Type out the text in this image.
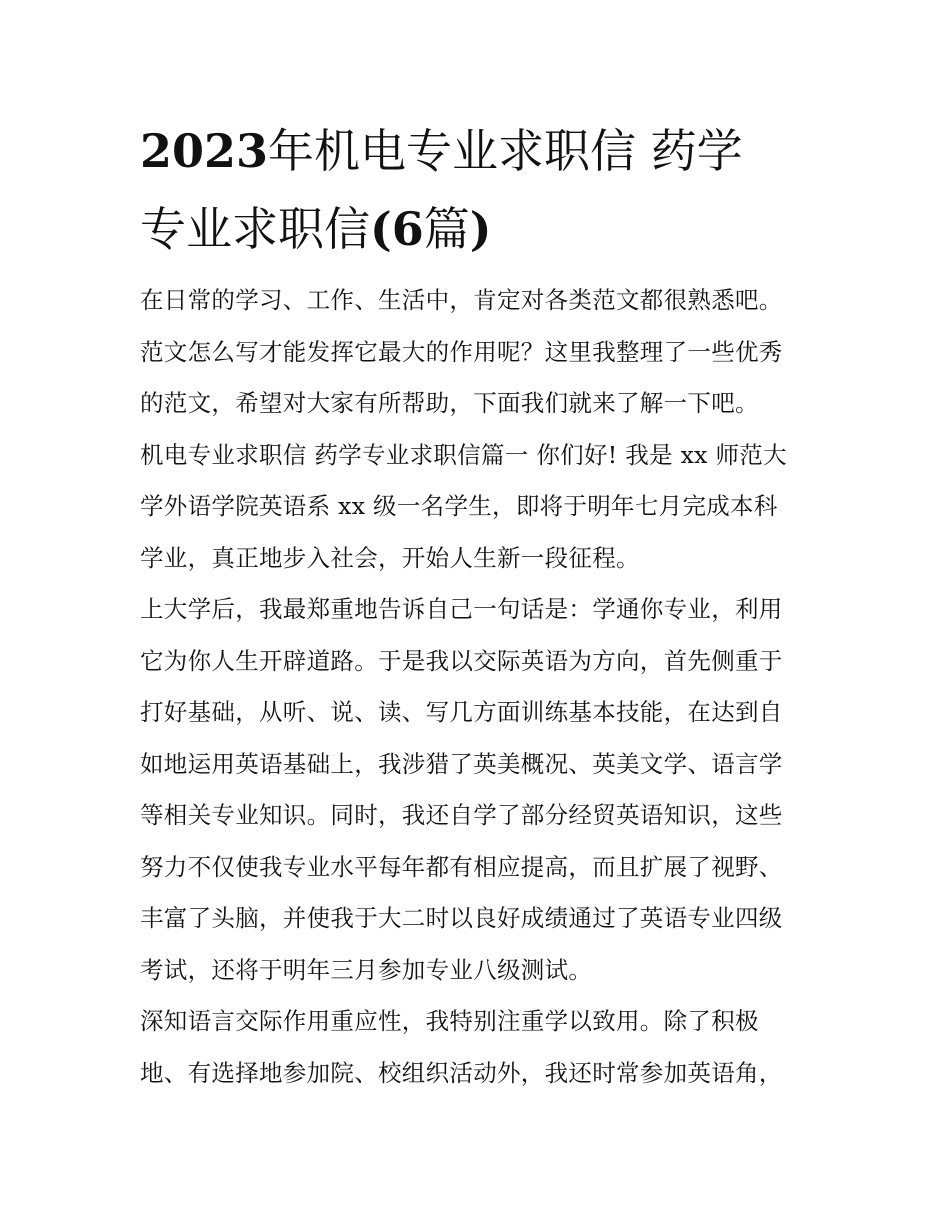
2023年机电专业求职信 药学
专业求职信(6篇)

在日常的学习、工作、生活中，肯定对各类范文都很熟悉吧。
范文怎么写才能发挥它最大的作用呢？这里我整理了一些优秀
的范文，希望对大家有所帮助，下面我们就来了解一下吧。

机电专业求职信 药学专业求职信篇一 你们好! 我是 xx 师范大
学外语学院英语系 xx 级一名学生，即将于明年七月完成本科
学业，真正地步入社会，开始人生新一段征程。

上大学后，我最郑重地告诉自己一句话是：学通你专业，利用
它为你人生开辟道路。于是我以交际英语为方向，首先侧重于
打好基础，从听、说、读、写几方面训练基本技能，在达到自
如地运用英语基础上，我涉猎了英美概况、英美文学、语言学
等相关专业知识。同时，我还自学了部分经贸英语知识，这些
努力不仅使我专业水平每年都有相应提高，而且扩展了视野、
丰富了头脑，并使我于大二时以良好成绩通过了英语专业四级
考试，还将于明年三月参加专业八级测试。

深知语言交际作用重应性，我特别注重学以致用。除了积极
地、有选择地参加院、校组织活动外，我还时常参加英语角，
